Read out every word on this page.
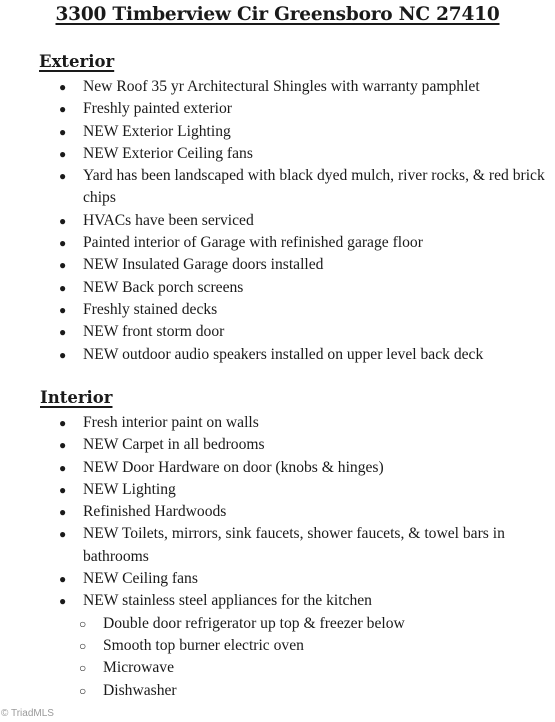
3300 Timberview Cir Greensboro NC 27410
Exterior
●	New Roof 35 yr Architectural Shingles with warranty pamphlet
●	Freshly painted exterior
●	NEW Exterior Lighting
●	NEW Exterior Ceiling fans
●	Yard has been landscaped with black dyed mulch, river rocks, & red brick chips
●	HVACs have been serviced
●	Painted interior of Garage with refinished garage floor
●	NEW Insulated Garage doors installed
●	NEW Back porch screens
●	Freshly stained decks
●	NEW front storm door
●	NEW outdoor audio speakers installed on upper level back deck
Interior
●	Fresh interior paint on walls
●	NEW Carpet in all bedrooms
●	NEW Door Hardware on door (knobs & hinges)
●	NEW Lighting
●	Refinished Hardwoods
●	NEW Toilets, mirrors, sink faucets, shower faucets, & towel bars in bathrooms
●	NEW Ceiling fans
●	NEW stainless steel appliances for the kitchen
○	Double door refrigerator up top & freezer below
○	Smooth top burner electric oven
○	Microwave
○	Dishwasher
© TriadMLS
